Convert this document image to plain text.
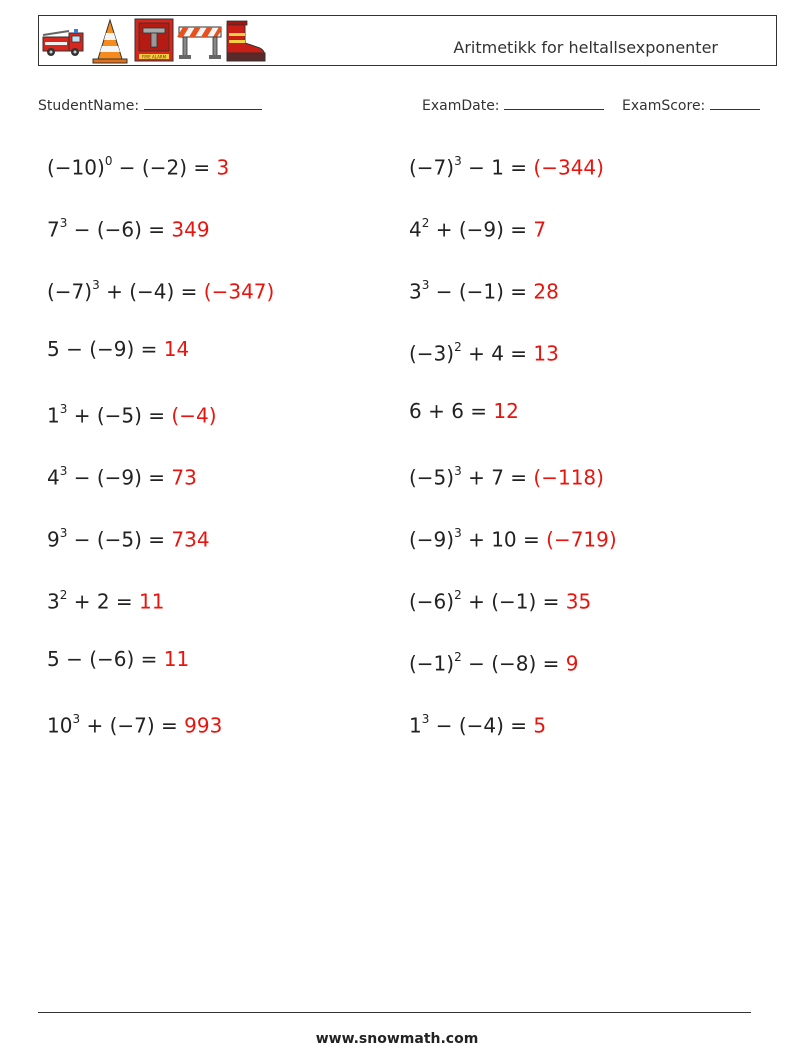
FIRE ALARM	Aritmetikk for heltallsexponenter
StudentName:	ExamDate:	ExamScore:
$(-10)^0 - (-2) = 3$
$7^3 - (-6) = 349$
$(-7)^3 + (-4) = (-347)$
5 − (−9) = 14
$1^3 + (-5) = (-4)$
$4^3 - (-9) = 73$
$9^3 - (-5) = 734$
$3^2 + 2 = 11$
5 − (−6) = 11
$10^3 + (-7) = 993$
$(-7)^3 - 1 = (-344)$
$4^2 + (-9) = 7$
$3^3 - (-1) = 28$
$(-3)^2 + 4 = 13$
6 + 6 = 12
$(-5)^3 + 7 = (-118)$
$(-9)^3 + 10 = (-719)$
$(-6)^2 + (-1) = 35$
$(-1)^2 - (-8) = 9$
$1^3 - (-4) = 5$
www.snowmath.com
